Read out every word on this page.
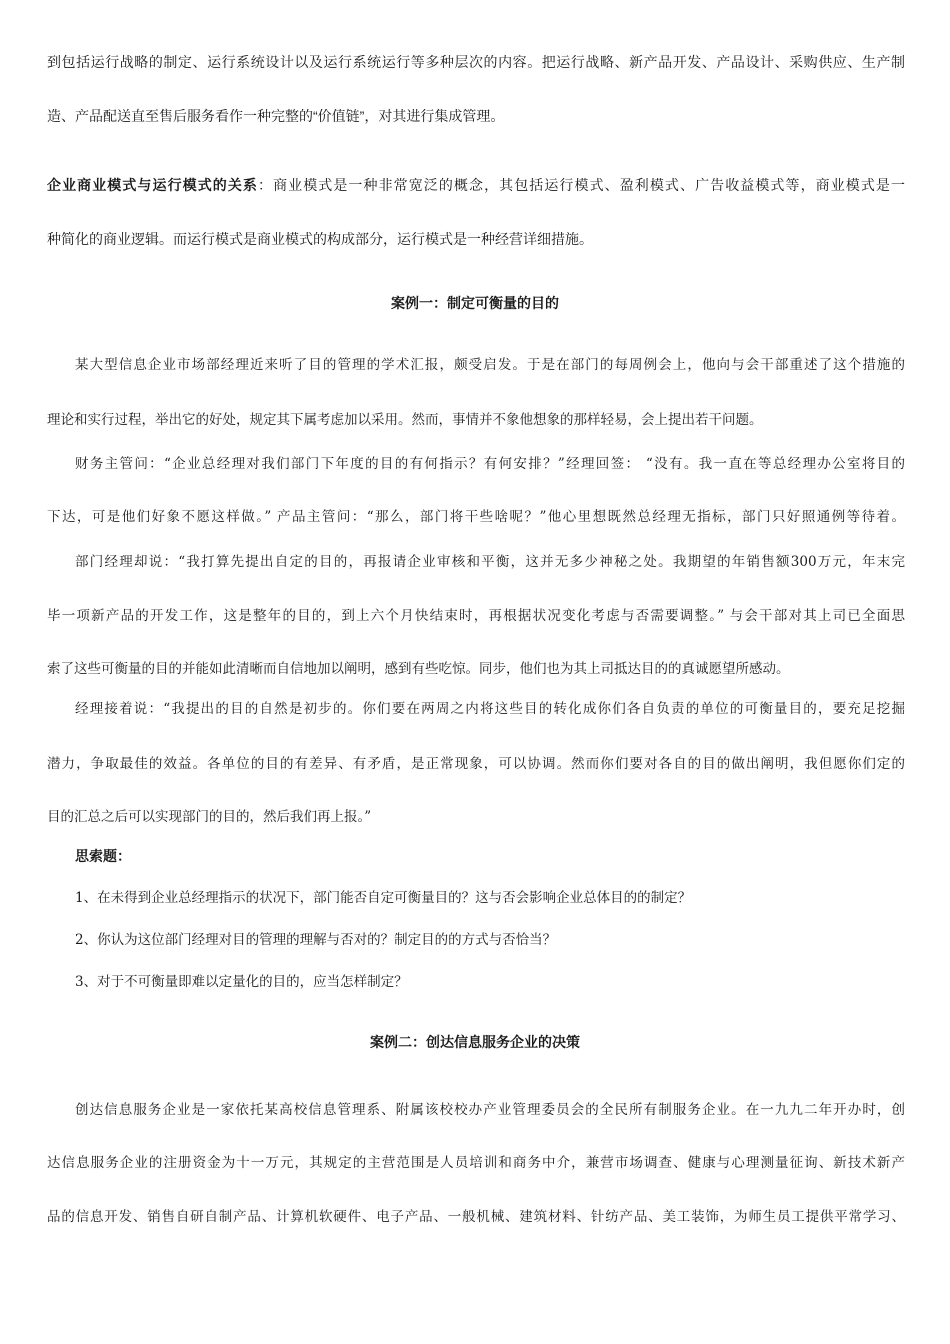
到包括运行战略的制定、运行系统设计以及运行系统运行等多种层次的内容。把运行战略、新产品开发、产品设计、采购供应、生产制
造、产品配送直至售后服务看作一种完整的“价值链”，对其进行集成管理。
企业商业模式与运行模式的关系：商业模式是一种非常宽泛的概念，其包括运行模式、盈利模式、广告收益模式等，商业模式是一
种简化的商业逻辑。而运行模式是商业模式的构成部分，运行模式是一种经营详细措施。
案例一：制定可衡量的目的
某大型信息企业市场部经理近来听了目的管理的学术汇报，颇受启发。于是在部门的每周例会上，他向与会干部重述了这个措施的
理论和实行过程，举出它的好处，规定其下属考虑加以采用。然而，事情并不象他想象的那样轻易，会上提出若干问题。
财务主管问：“企业总经理对我们部门下年度的目的有何指示？有何安排？”经理回签： “没有。我一直在等总经理办公室将目的
下达，可是他们好象不愿这样做。” 产品主管问：“那么，部门将干些啥呢？”他心里想既然总经理无指标，部门只好照通例等待着。
部门经理却说：“我打算先提出自定的目的，再报请企业审核和平衡，这并无多少神秘之处。我期望的年销售额300万元，年末完
毕一项新产品的开发工作，这是整年的目的，到上六个月快结束时，再根据状况变化考虑与否需要调整。” 与会干部对其上司已全面思
索了这些可衡量的目的并能如此清晰而自信地加以阐明，感到有些吃惊。同步，他们也为其上司抵达目的的真诚愿望所感动。
经理接着说：“我提出的目的自然是初步的。你们要在两周之内将这些目的转化成你们各自负责的单位的可衡量目的，要充足挖掘
潜力，争取最佳的效益。各单位的目的有差异、有矛盾，是正常现象，可以协调。然而你们要对各自的目的做出阐明，我但愿你们定的
目的汇总之后可以实现部门的目的，然后我们再上报。”
思索题：
1、在未得到企业总经理指示的状况下，部门能否自定可衡量目的？这与否会影响企业总体目的的制定？
2、你认为这位部门经理对目的管理的理解与否对的？制定目的的方式与否恰当？
3、对于不可衡量即难以定量化的目的，应当怎样制定？
案例二：创达信息服务企业的决策
创达信息服务企业是一家依托某高校信息管理系、附属该校校办产业管理委员会的全民所有制服务企业。在一九九二年开办时，创
达信息服务企业的注册资金为十一万元，其规定的主营范围是人员培训和商务中介，兼营市场调查、健康与心理测量征询、新技术新产
品的信息开发、销售自研自制产品、计算机软硬件、电子产品、一般机械、建筑材料、针纺产品、美工装饰，为师生员工提供平常学习、
